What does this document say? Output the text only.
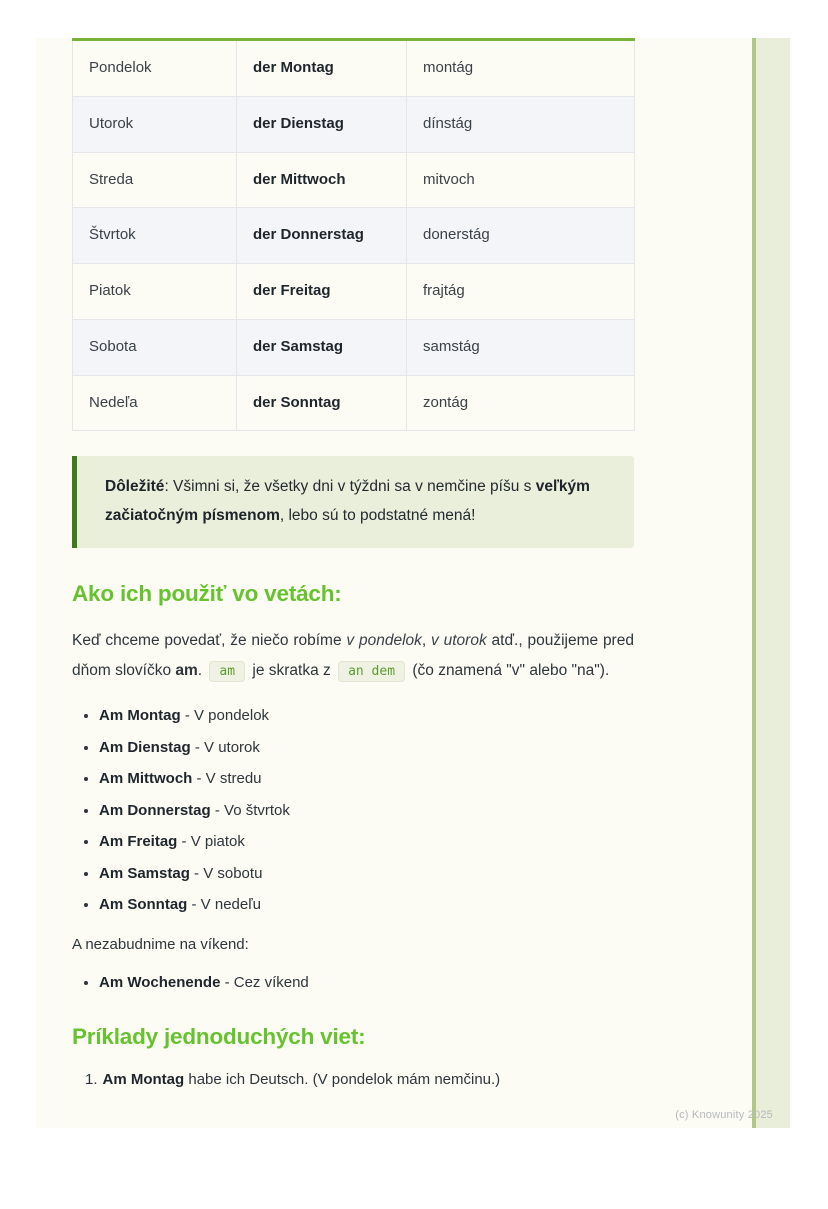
Pondelok	der Montag	montág
Utorok	der Dienstag	dínstág
Streda	der Mittwoch	mitvoch
Štvrtok	der Donnerstag	donerstág
Piatok	der Freitag	frajtág
Sobota	der Samstag	samstág
Nedeľa	der Sonntag	zontág
Dôležité: Všimni si, že všetky dni v týždni sa v nemčine píšu s veľkým začiatočným písmenom, lebo sú to podstatné mená!
Ako ich použiť vo vetách:

Keď chceme povedať, že niečo robíme v pondelok, v utorok atď., použijeme pred dňom slovíčko am. am je skratka z an dem (čo znamená "v" alebo "na").

• Am Montag - V pondelok
• Am Dienstag - V utorok
• Am Mittwoch - V stredu
• Am Donnerstag - Vo štvrtok
• Am Freitag - V piatok
• Am Samstag - V sobotu
• Am Sonntag - V nedeľu

A nezabudnime na víkend:

• Am Wochenende - Cez víkend
Príklady jednoduchých viet:
1. Am Montag habe ich Deutsch. (V pondelok mám nemčinu.)
(c) Knowunity 2025
